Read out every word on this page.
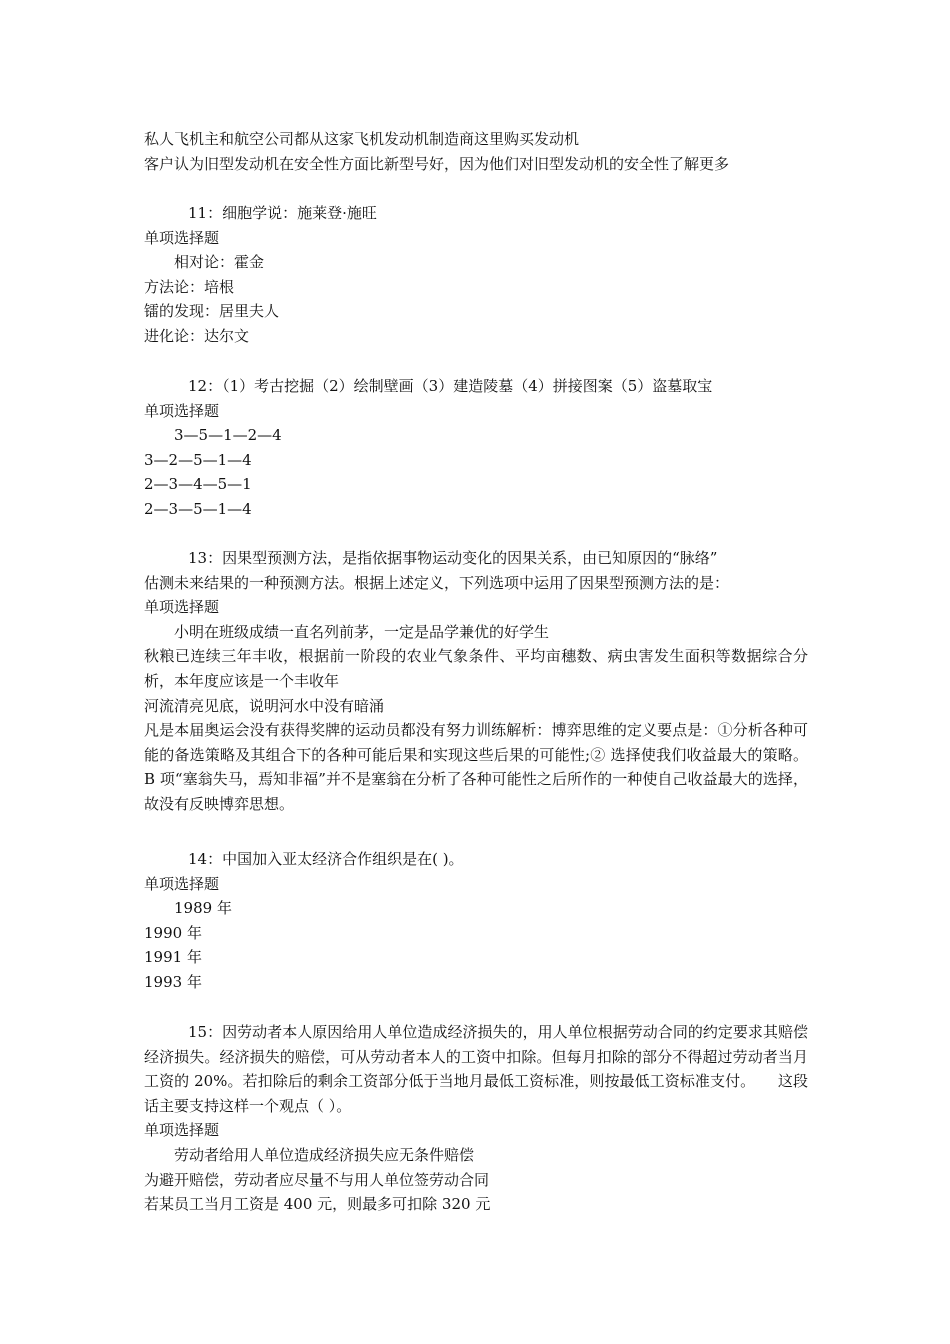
私人飞机主和航空公司都从这家飞机发动机制造商这里购买发动机
客户认为旧型发动机在安全性方面比新型号好，因为他们对旧型发动机的安全性了解更多
11：细胞学说：施莱登·施旺
单项选择题
相对论：霍金
方法论：培根
镭的发现：居里夫人
进化论：达尔文
12：（1）考古挖掘（2）绘制壁画（3）建造陵墓（4）拼接图案（5）盗墓取宝
单项选择题
3—5—1—2—4
3—2—5—1—4
2—3—4—5—1
2—3—5—1—4
13：因果型预测方法，是指依据事物运动变化的因果关系，由已知原因的“脉络”
估测未来结果的一种预测方法。根据上述定义，下列选项中运用了因果型预测方法的是：
单项选择题
小明在班级成绩一直名列前茅，一定是品学兼优的好学生
秋粮已连续三年丰收，根据前一阶段的农业气象条件、平均亩穗数、病虫害发生面积等数据综合分析，本年度应该是一个丰收年
河流清亮见底，说明河水中没有暗涌
凡是本届奥运会没有获得奖牌的运动员都没有努力训练解析：博弈思维的定义要点是：①分析各种可能的备选策略及其组合下的各种可能后果和实现这些后果的可能性;② 选择使我们收益最大的策略。B 项“塞翁失马，焉知非福”并不是塞翁在分析了各种可能性之后所作的一种使自己收益最大的选择，故没有反映博弈思想。
14：中国加入亚太经济合作组织是在( )。
单项选择题
1989 年
1990 年
1991 年
1993 年
15：因劳动者本人原因给用人单位造成经济损失的，用人单位根据劳动合同的约定要求其赔偿经济损失。经济损失的赔偿，可从劳动者本人的工资中扣除。但每月扣除的部分不得超过劳动者当月工资的 20%。若扣除后的剩余工资部分低于当地月最低工资标准，则按最低工资标准支付。　　这段话主要支持这样一个观点（ ）。
单项选择题
劳动者给用人单位造成经济损失应无条件赔偿
为避开赔偿，劳动者应尽量不与用人单位签劳动合同
若某员工当月工资是 400 元，则最多可扣除 320 元
